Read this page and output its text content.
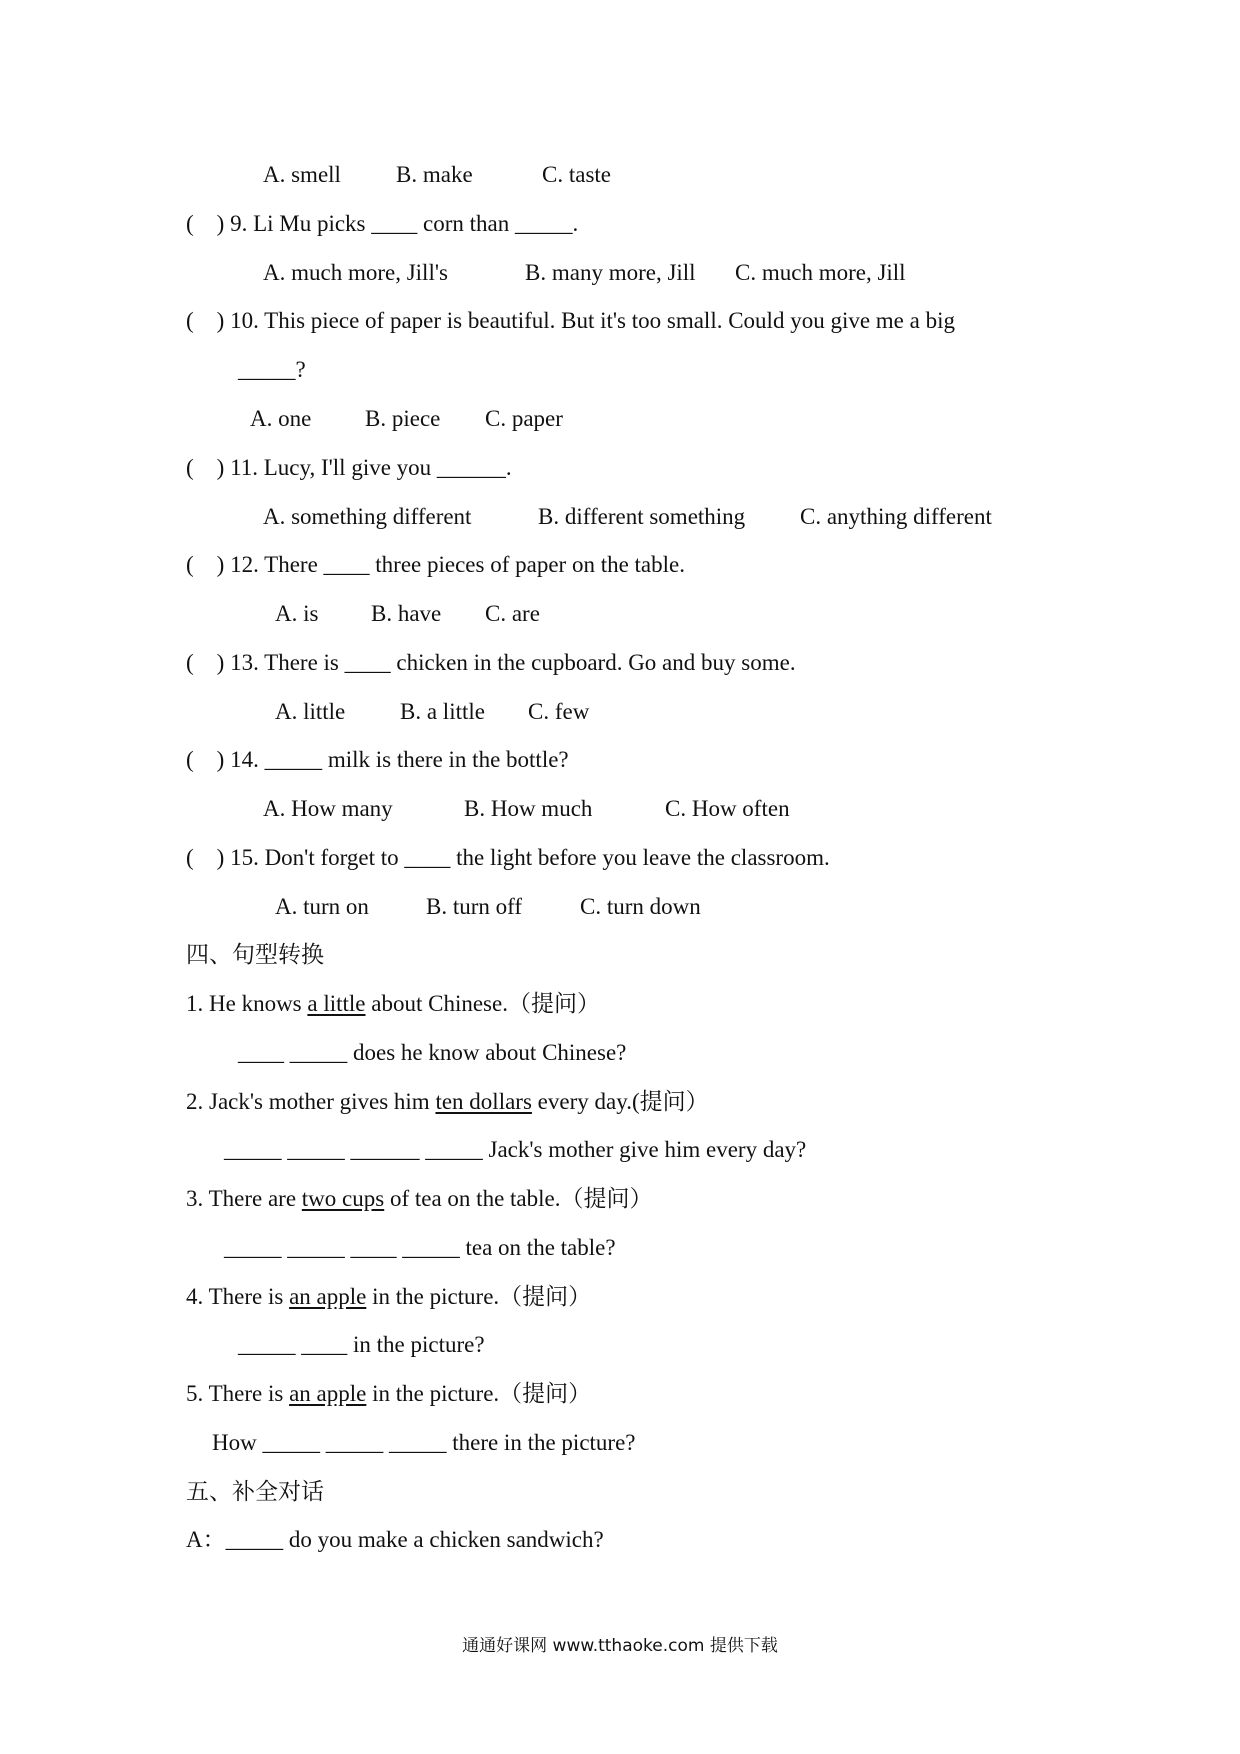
A. smell B. make	C. taste
(    ) 9. Li Mu picks ____ corn than _____.
A. much more, Jill's	B. many more, Jill C. much more, Jill
(    ) 10. This piece of paper is beautiful. But it's too small. Could you give me a big
_____?
A. one B. piece C. paper
(    ) 11. Lucy, I'll give you ______.
A. something different	B. different something C. anything different
(    ) 12. There ____ three pieces of paper on the table.
A. is B. have C. are
(    ) 13. There is ____ chicken in the cupboard. Go and buy some.
A. little B. a little C. few
(    ) 14. _____ milk is there in the bottle?
A. How many	B. How much	C. How often
(    ) 15. Don't forget to ____ the light before you leave the classroom.
A. turn on B. turn off	C. turn down
四、句型转换
1. He knows a little about Chinese.（提问）
____ _____ does he know about Chinese?
2. Jack's mother gives him ten dollars every day.(提问）
_____ _____ ______ _____ Jack's mother give him every day?
3. There are two cups of tea on the table.（提问）
_____ _____ ____ _____ tea on the table?
4. There is an apple in the picture.（提问）
_____ ____ in the picture?
5. There is an apple in the picture.（提问）
How _____ _____ _____ there in the picture?
五、补全对话
A：_____ do you make a chicken sandwich?
通通好课网 www.tthaoke.com 提供下载
